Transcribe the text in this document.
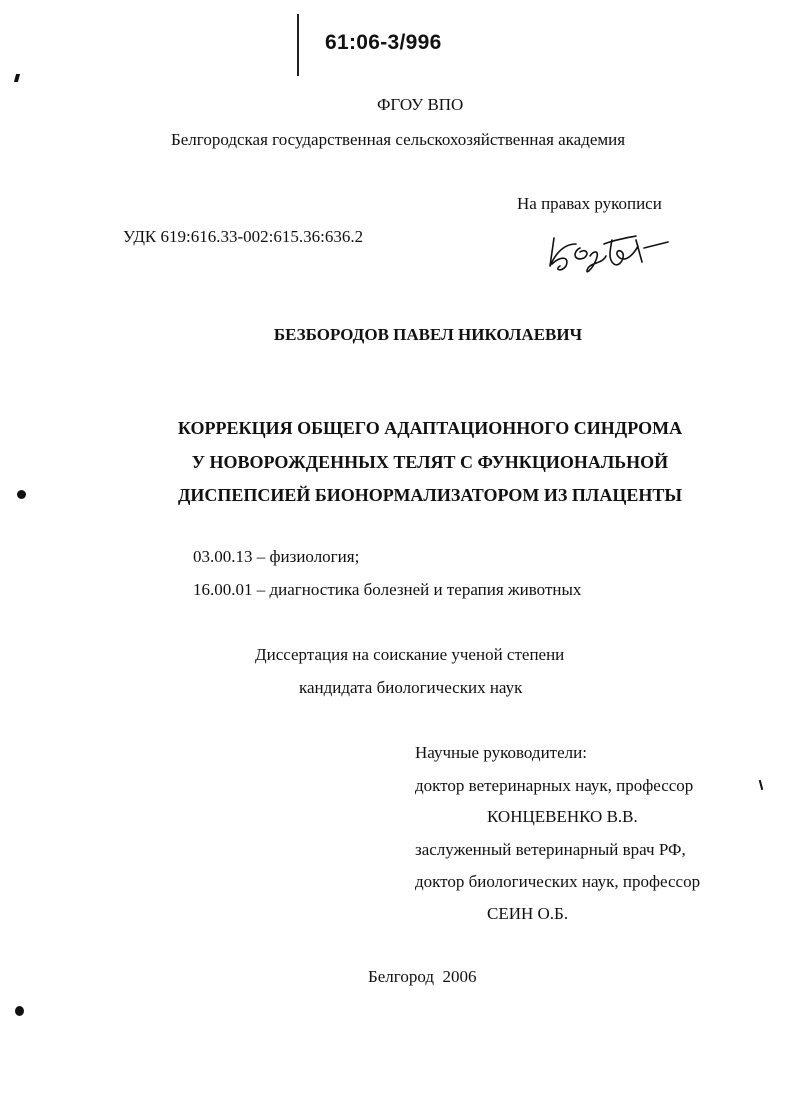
61:06-3/996
ФГОУ ВПО
Белгородская государственная сельскохозяйственная академия
На правах рукописи
УДК 619:616.33-002:615.36:636.2
БЕЗБОРОДОВ ПАВЕЛ НИКОЛАЕВИЧ
КОРРЕКЦИЯ ОБЩЕГО АДАПТАЦИОННОГО СИНДРОМА
У НОВОРОЖДЕННЫХ ТЕЛЯТ С ФУНКЦИОНАЛЬНОЙ
ДИСПЕПСИЕЙ БИОНОРМАЛИЗАТОРОМ ИЗ ПЛАЦЕНТЫ
03.00.13 – физиология;
16.00.01 – диагностика болезней и терапия животных
Диссертация на соискание ученой степени
кандидата биологических наук
Научные руководители:
доктор ветеринарных наук, профессор
КОНЦЕВЕНКО В.В.
заслуженный ветеринарный врач РФ,
доктор биологических наук, профессор
СЕИН О.Б.
Белгород  2006
